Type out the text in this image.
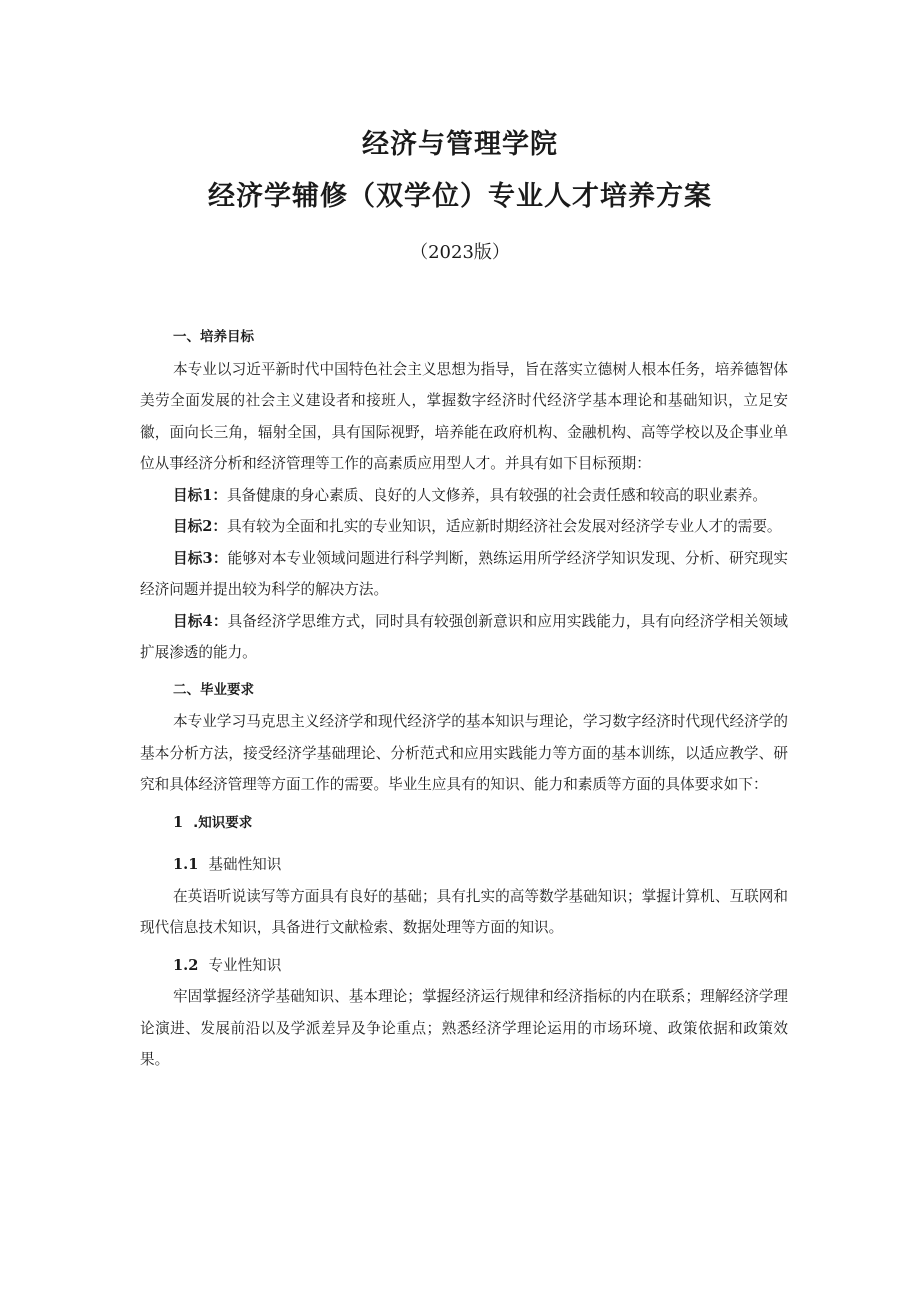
经济与管理学院
经济学辅修（双学位）专业人才培养方案
（2023版）

一、培养目标

本专业以习近平新时代中国特色社会主义思想为指导，旨在落实立德树人根本任务，培养德智体美劳全面发展的社会主义建设者和接班人，掌握数字经济时代经济学基本理论和基础知识，立足安徽，面向长三角，辐射全国，具有国际视野，培养能在政府机构、金融机构、高等学校以及企事业单位从事经济分析和经济管理等工作的高素质应用型人才。并具有如下目标预期：

目标1：具备健康的身心素质、良好的人文修养，具有较强的社会责任感和较高的职业素养。

目标2：具有较为全面和扎实的专业知识，适应新时期经济社会发展对经济学专业人才的需要。

目标3：能够对本专业领域问题进行科学判断，熟练运用所学经济学知识发现、分析、研究现实经济问题并提出较为科学的解决方法。

目标4：具备经济学思维方式，同时具有较强创新意识和应用实践能力，具有向经济学相关领域扩展渗透的能力。

二、毕业要求

本专业学习马克思主义经济学和现代经济学的基本知识与理论，学习数字经济时代现代经济学的基本分析方法，接受经济学基础理论、分析范式和应用实践能力等方面的基本训练，以适应教学、研究和具体经济管理等方面工作的需要。毕业生应具有的知识、能力和素质等方面的具体要求如下：

1 .知识要求

1.1 基础性知识

在英语听说读写等方面具有良好的基础；具有扎实的高等数学基础知识；掌握计算机、互联网和现代信息技术知识，具备进行文献检索、数据处理等方面的知识。

1.2 专业性知识

牢固掌握经济学基础知识、基本理论；掌握经济运行规律和经济指标的内在联系；理解经济学理论演进、发展前沿以及学派差异及争论重点；熟悉经济学理论运用的市场环境、政策依据和政策效果。
